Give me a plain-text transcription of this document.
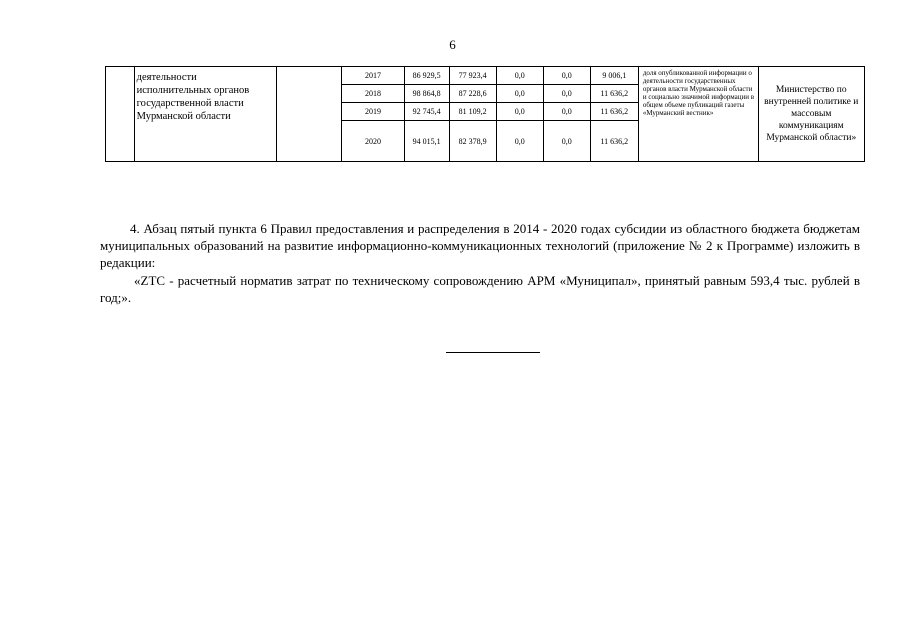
6
	деятельности исполнительных органов государственной власти Мурманской области		2017	86 929,5	77 923,4	0,0	0,0	9 006,1	доля опубликованной информации о деятельности государственных органов власти Мурманской области и социально значимой информации в общем объеме публикаций газеты «Мурманский вестник»	Министерство по внутренней политике и массовым коммуникациям Мурманской области»
			2018	98 864,8	87 228,6	0,0	0,0	11 636,2		
			2019	92 745,4	81 109,2	0,0	0,0	11 636,2		
			2020	94 015,1	82 378,9	0,0	0,0	11 636,2		

4. Абзац пятый пункта 6 Правил предоставления и распределения в 2014 - 2020 годах субсидии из областного бюджета бюджетам муниципальных образований на развитие информационно-коммуникационных технологий (приложение № 2 к Программе) изложить в редакции:

«ZТС - расчетный норматив затрат по техническому сопровождению АРМ «Муниципал», принятый равным 593,4 тыс. рублей в год;».
